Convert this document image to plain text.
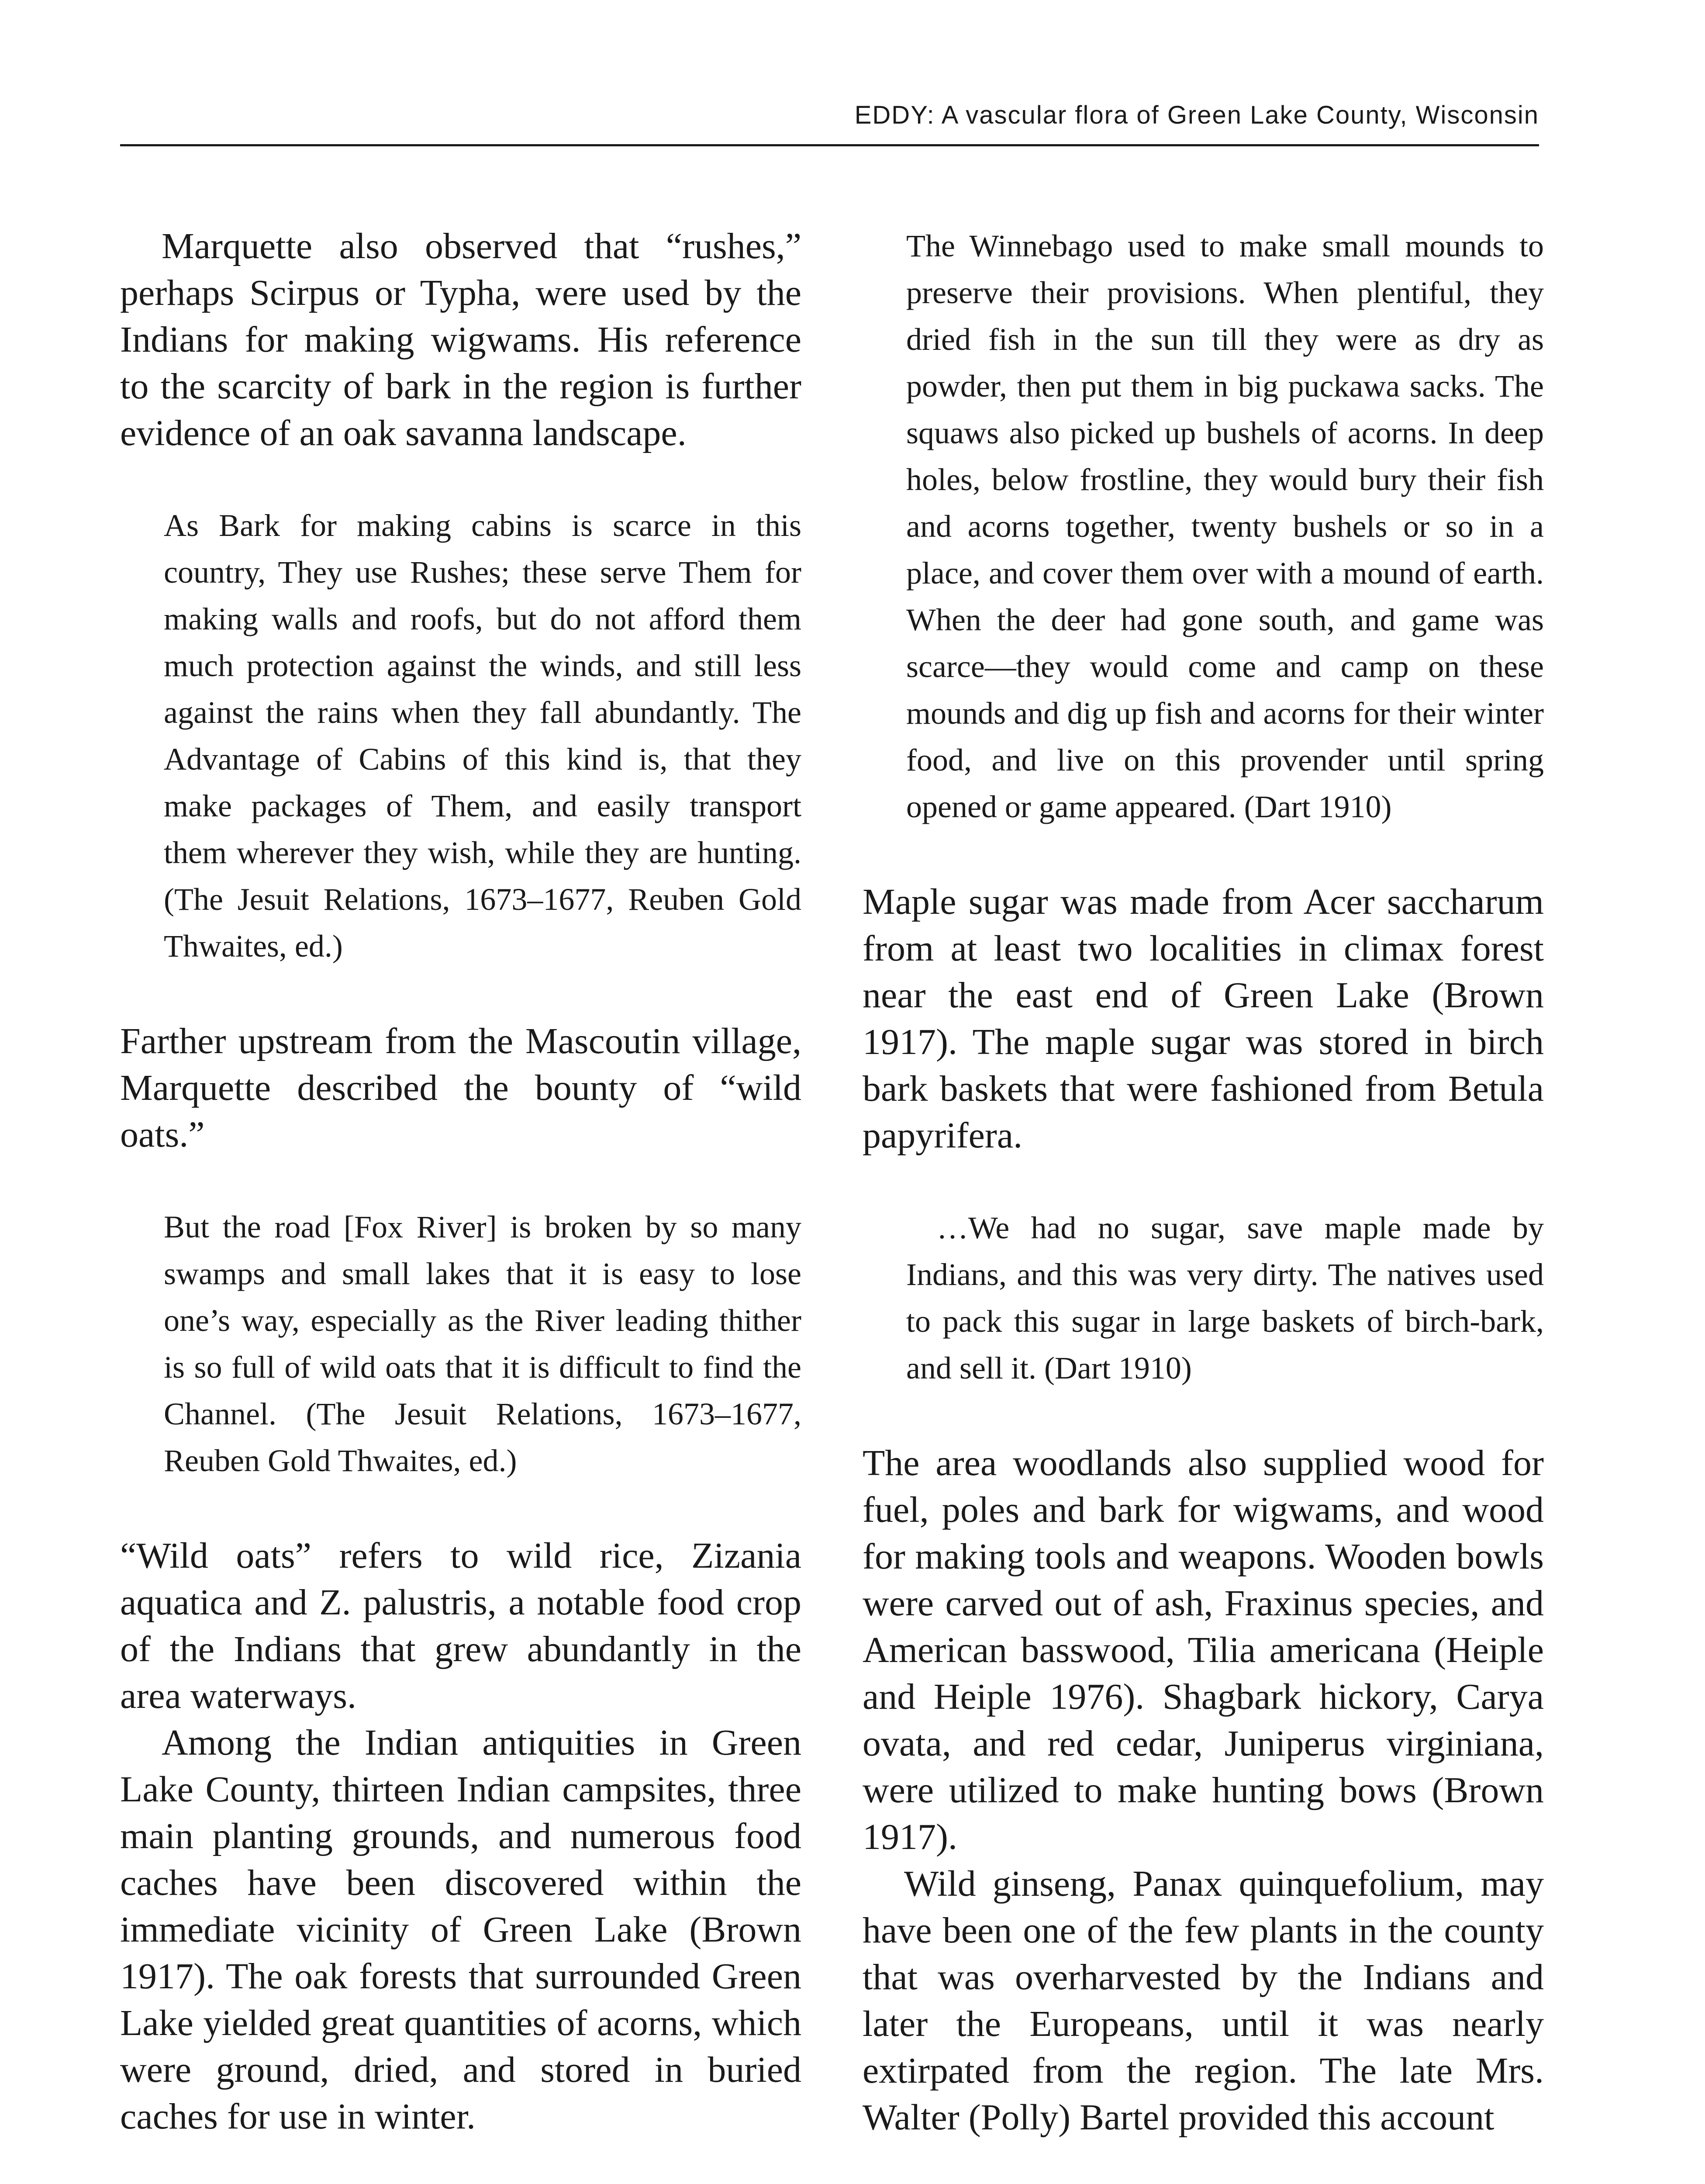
EDDY: A vascular flora of Green Lake County, Wisconsin

Marquette also observed that “rushes,” perhaps Scirpus or Typha, were used by the Indians for making wigwams. His reference to the scarcity of bark in the region is further evidence of an oak savanna landscape.

As Bark for making cabins is scarce in this country, They use Rushes; these serve Them for making walls and roofs, but do not afford them much protection against the winds, and still less against the rains when they fall abundantly. The Advantage of Cabins of this kind is, that they make packages of Them, and easily transport them wherever they wish, while they are hunting. (The Jesuit Relations, 1673–1677, Reuben Gold Thwaites, ed.)

Farther upstream from the Mascoutin village, Marquette described the bounty of “wild oats.”

But the road [Fox River] is broken by so many swamps and small lakes that it is easy to lose one’s way, especially as the River leading thither is so full of wild oats that it is difficult to find the Channel. (The Jesuit Relations, 1673–1677, Reuben Gold Thwaites, ed.)

“Wild oats” refers to wild rice, Zizania aquatica and Z. palustris, a notable food crop of the Indians that grew abundantly in the area waterways.

Among the Indian antiquities in Green Lake County, thirteen Indian campsites, three main planting grounds, and numerous food caches have been discovered within the immediate vicinity of Green Lake (Brown 1917). The oak forests that surrounded Green Lake yielded great quantities of acorns, which were ground, dried, and stored in buried caches for use in winter.

The Winnebago used to make small mounds to preserve their provisions. When plentiful, they dried fish in the sun till they were as dry as powder, then put them in big puckawa sacks. The squaws also picked up bushels of acorns. In deep holes, below frostline, they would bury their fish and acorns together, twenty bushels or so in a place, and cover them over with a mound of earth. When the deer had gone south, and game was scarce—they would come and camp on these mounds and dig up fish and acorns for their winter food, and live on this provender until spring opened or game appeared. (Dart 1910)

Maple sugar was made from Acer saccharum from at least two localities in climax forest near the east end of Green Lake (Brown 1917). The maple sugar was stored in birch bark baskets that were fashioned from Betula papyrifera.

…We had no sugar, save maple made by Indians, and this was very dirty. The natives used to pack this sugar in large baskets of birch-bark, and sell it. (Dart 1910)

The area woodlands also supplied wood for fuel, poles and bark for wigwams, and wood for making tools and weapons. Wooden bowls were carved out of ash, Fraxinus species, and American basswood, Tilia americana (Heiple and Heiple 1976). Shagbark hickory, Carya ovata, and red cedar, Juniperus virginiana, were utilized to make hunting bows (Brown 1917).

Wild ginseng, Panax quinquefolium, may have been one of the few plants in the county that was overharvested by the Indians and later the Europeans, until it was nearly extirpated from the region. The late Mrs. Walter (Polly) Bartel provided this account
